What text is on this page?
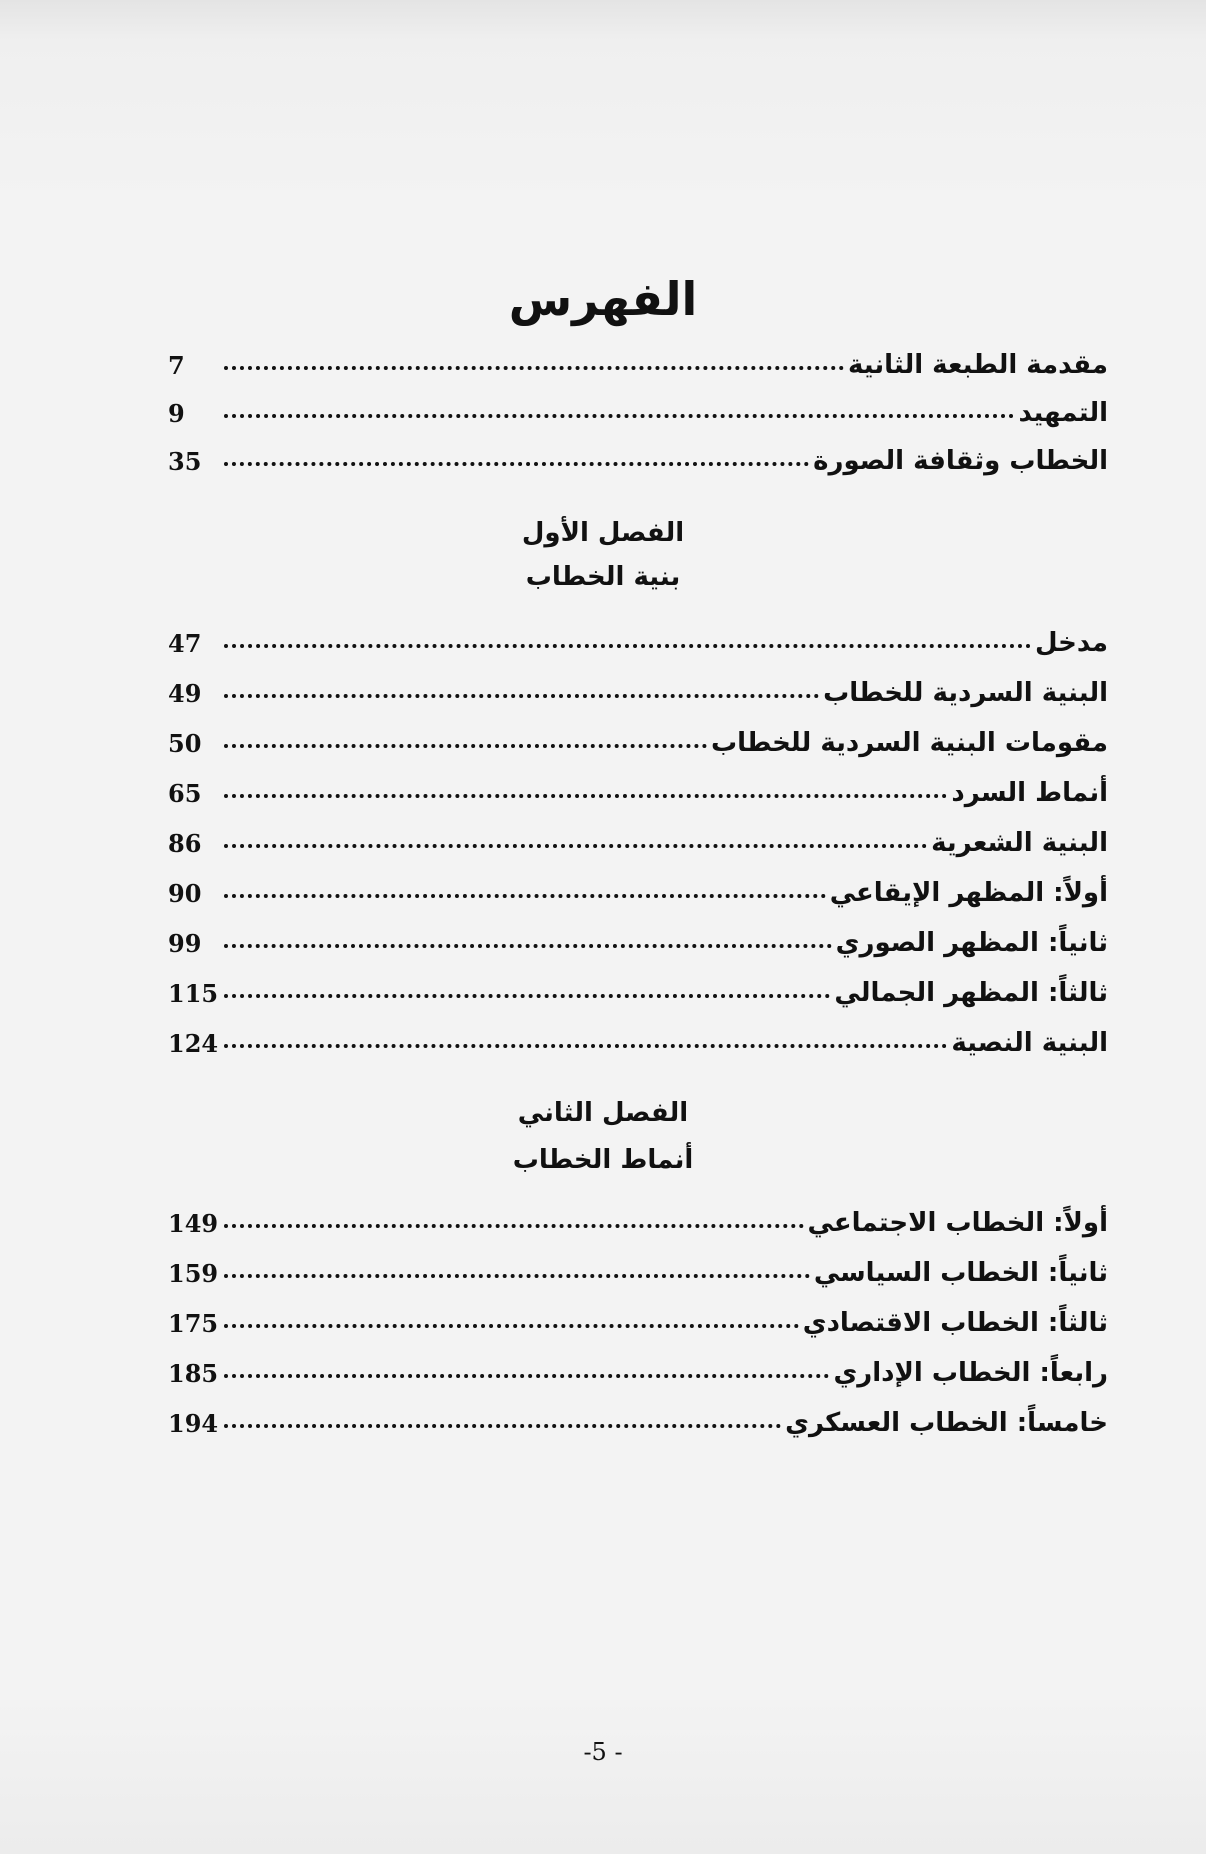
الفهرس
مقدمة الطبعة الثانية
7
التمهيد
9
الخطاب وثقافة الصورة
35
الفصل الأول
بنية الخطاب
مدخل
47
البنية السردية للخطاب
49
مقومات البنية السردية للخطاب
50
أنماط السرد
65
البنية الشعرية
86
أولاً: المظهر الإيقاعي
90
ثانياً: المظهر الصوري
99
ثالثاً: المظهر الجمالي
115
البنية النصية
124
الفصل الثاني
أنماط الخطاب
أولاً: الخطاب الاجتماعي
149
ثانياً: الخطاب السياسي
159
ثالثاً: الخطاب الاقتصادي
175
رابعاً: الخطاب الإداري
185
خامساً: الخطاب العسكري
194
-5 -
